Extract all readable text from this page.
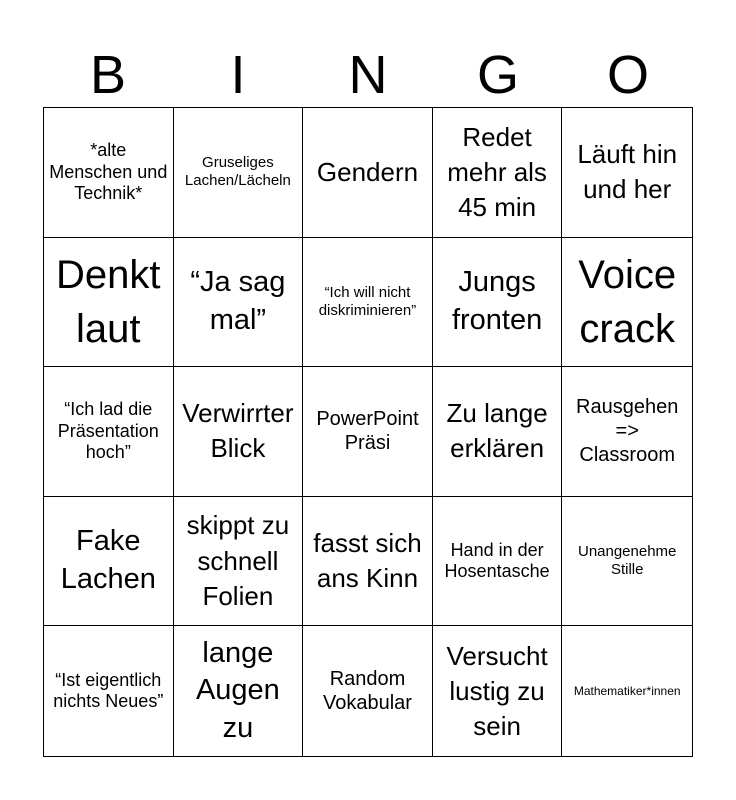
B	I	N	G	O
*alte Menschen und Technik*
Gruseliges Lachen/Lächeln	Gendern
Redet mehr als 45 min
Läuft hin und her
Denkt laut
“Ja sag mal”
“Ich will nicht diskriminieren”
Jungs fronten
Voice crack
“Ich lad die Präsentation hoch”
Verwirrter Blick
PowerPoint Präsi
Zu lange erklären
Rausgehen => Classroom
Fake Lachen
skippt zu schnell Folien
fasst sich ans Kinn
Hand in der Hosentasche
Unangenehme Stille
“Ist eigentlich nichts Neues”
lange Augen zu
Random Vokabular
Versucht lustig zu sein
Mathematiker*innen
